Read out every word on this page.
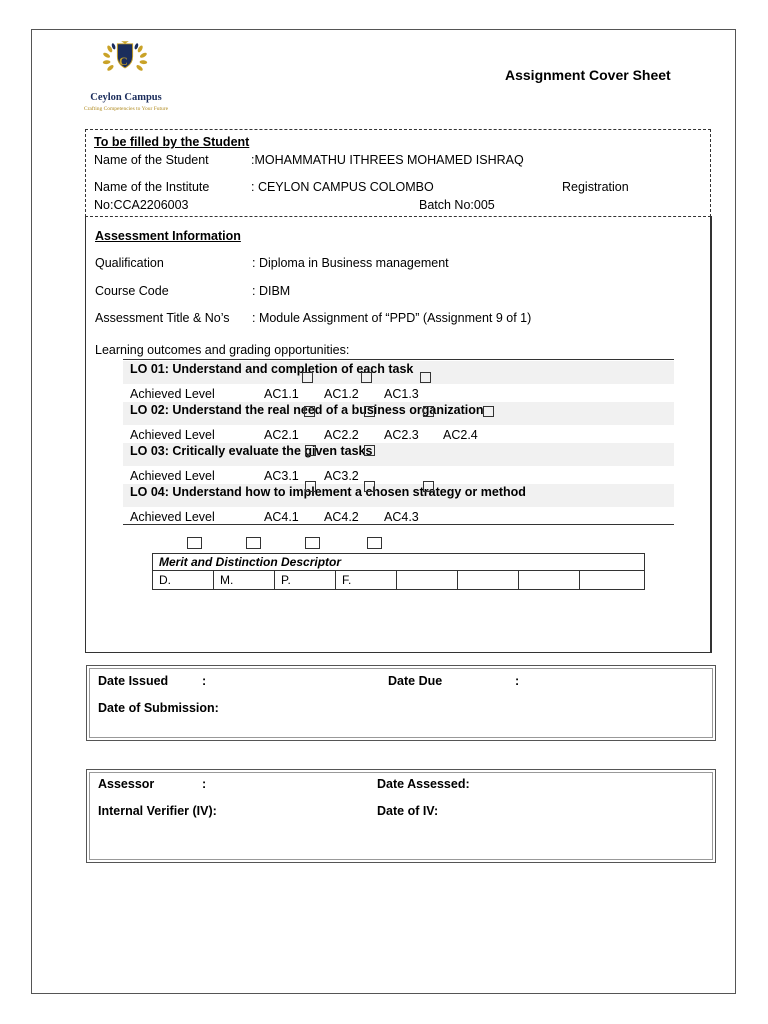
C
Ceylon Campus
Crafting Competencies to Your Future
Assignment Cover Sheet
To be filled by the Student
Name of the Student	:MOHAMMATHU ITHREES MOHAMED ISHRAQ
Name of the Institute	: CEYLON CAMPUS COLOMBO	Registration
No:CCA2206003	Batch No:005
Assessment Information
Qualification	: Diploma in Business management
Course Code	: DIBM
Assessment Title & No’s : Module Assignment of “PPD” (Assignment 9 of 1)
Learning outcomes and grading opportunities:
LO 01: Understand and completion of each task
Achieved Level	AC1.1 AC1.2 AC1.3
LO 02: Understand the real need of a business organization
Achieved Level	AC2.1 AC2.2 AC2.3 AC2.4
LO 03: Critically evaluate the given tasks
Achieved Level	AC3.1 AC3.2
LO 04: Understand how to implement a chosen strategy or method
Achieved Level	AC4.1 AC4.2 AC4.3
Merit and Distinction Descriptor
D.	M.	P.	F.				
Date Issued	:	Date Due	:
Date of Submission:
Assessor	:	Date Assessed:
Internal Verifier (IV):	Date of IV:
